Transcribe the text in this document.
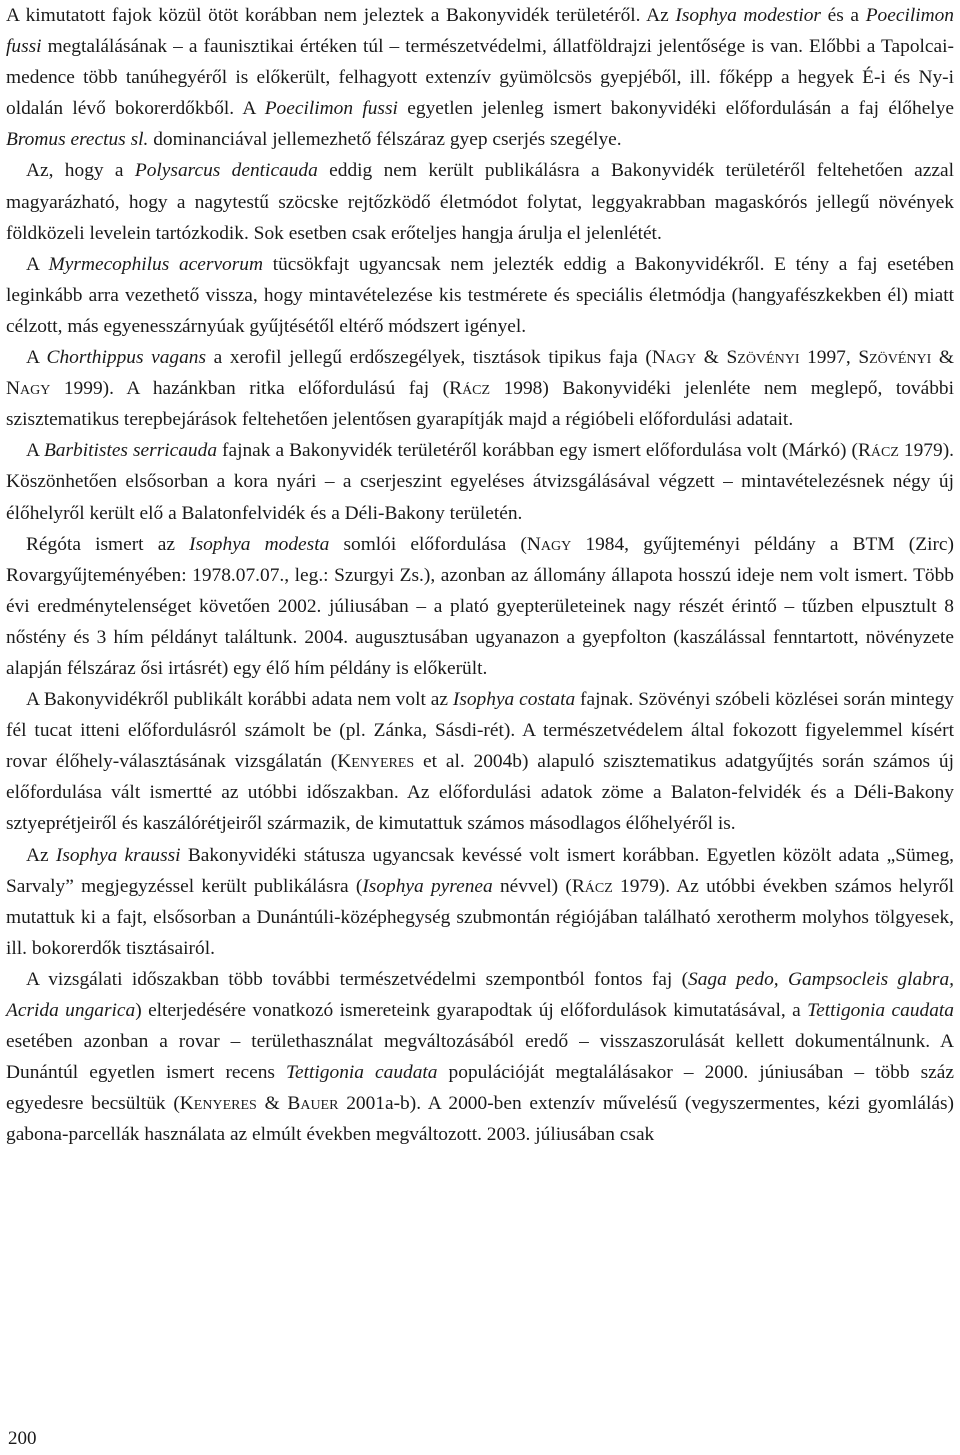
A kimutatott fajok közül ötöt korábban nem jeleztek a Bakonyvidék területéről. Az Isophya modestior és a Poecilimon fussi megtalálásának – a faunisztikai értéken túl – természetvédelmi, állatföldrajzi jelentősége is van. Előbbi a Tapolcai-medence több tanúhegyéről is előkerült, felhagyott extenzív gyümölcsös gyepjéből, ill. főképp a hegyek É-i és Ny-i oldalán lévő bokorerdőkből. A Poecilimon fussi egyetlen jelenleg ismert bakonyvidéki előfordulásán a faj élőhelye Bromus erectus sl. dominanciával jellemezhető félszáraz gyep cserjés szegélye.

Az, hogy a Polysarcus denticauda eddig nem került publikálásra a Bakonyvidék területéről feltehetően azzal magyarázható, hogy a nagytestű szöcske rejtőzködő életmódot folytat, leggyakrabban magaskórós jellegű növények földközeli levelein tartózkodik. Sok esetben csak erőteljes hangja árulja el jelenlétét.

A Myrmecophilus acervorum tücsökfajt ugyancsak nem jelezték eddig a Bakonyvidékről. E tény a faj esetében leginkább arra vezethető vissza, hogy mintavételezése kis testmérete és speciális életmódja (hangyafészkekben él) miatt célzott, más egyenesszárnyúak gyűjtésétől eltérő módszert igényel.

A Chorthippus vagans a xerofil jellegű erdőszegélyek, tisztások tipikus faja (Nagy & Szövényi 1997, Szövényi & Nagy 1999). A hazánkban ritka előfordulású faj (Rácz 1998) Bakonyvidéki jelenléte nem meglepő, további szisztematikus terepbejárások feltehetően jelentősen gyarapítják majd a régióbeli előfordulási adatait.

A Barbitistes serricauda fajnak a Bakonyvidék területéről korábban egy ismert előfordulása volt (Márkó) (Rácz 1979). Köszönhetően elsősorban a kora nyári – a cserjeszint egyeléses átvizsgálásával végzett – mintavételezésnek négy új élőhelyről került elő a Balatonfelvidék és a Déli-Bakony területén.

Régóta ismert az Isophya modesta somlói előfordulása (Nagy 1984, gyűjteményi példány a BTM (Zirc) Rovargyűjteményében: 1978.07.07., leg.: Szurgyi Zs.), azonban az állomány állapota hosszú ideje nem volt ismert. Több évi eredménytelenséget követően 2002. júliusában – a plató gyepterületeinek nagy részét érintő – tűzben elpusztult 8 nőstény és 3 hím példányt találtunk. 2004. augusztusában ugyanazon a gyepfolton (kaszálással fenntartott, növényzete alapján félszáraz ősi irtásrét) egy élő hím példány is előkerült.

A Bakonyvidékről publikált korábbi adata nem volt az Isophya costata fajnak. Szövényi szóbeli közlései során mintegy fél tucat itteni előfordulásról számolt be (pl. Zánka, Sásdi-rét). A természetvédelem által fokozott figyelemmel kísért rovar élőhely-választásának vizsgálatán (Kenyeres et al. 2004b) alapuló szisztematikus adatgyűjtés során számos új előfordulása vált ismertté az utóbbi időszakban. Az előfordulási adatok zöme a Balaton-felvidék és a Déli-Bakony sztyeprétjeiről és kaszálórétjeiről származik, de kimutattuk számos másodlagos élőhelyéről is.

Az Isophya kraussi Bakonyvidéki státusza ugyancsak kevéssé volt ismert korábban. Egyetlen közölt adata „Sümeg, Sarvaly” megjegyzéssel került publikálásra (Isophya pyrenea névvel) (Rácz 1979). Az utóbbi években számos helyről mutattuk ki a fajt, elsősorban a Dunántúli-középhegység szubmontán régiójában található xerotherm molyhos tölgyesek, ill. bokorerdők tisztásairól.

A vizsgálati időszakban több további természetvédelmi szempontból fontos faj (Saga pedo, Gampsocleis glabra, Acrida ungarica) elterjedésére vonatkozó ismereteink gyarapodtak új előfordulások kimutatásával, a Tettigonia caudata esetében azonban a rovar – területhasználat megváltozásából eredő – visszaszorulását kellett dokumentálnunk. A Dunántúl egyetlen ismert recens Tettigonia caudata populációját megtalálásakor – 2000. júniusában – több száz egyedesre becsültük (Kenyeres & Bauer 2001a-b). A 2000-ben extenzív művelésű (vegyszermentes, kézi gyomlálás) gabona-parcellák használata az elmúlt években megváltozott. 2003. júliusában csak

200
